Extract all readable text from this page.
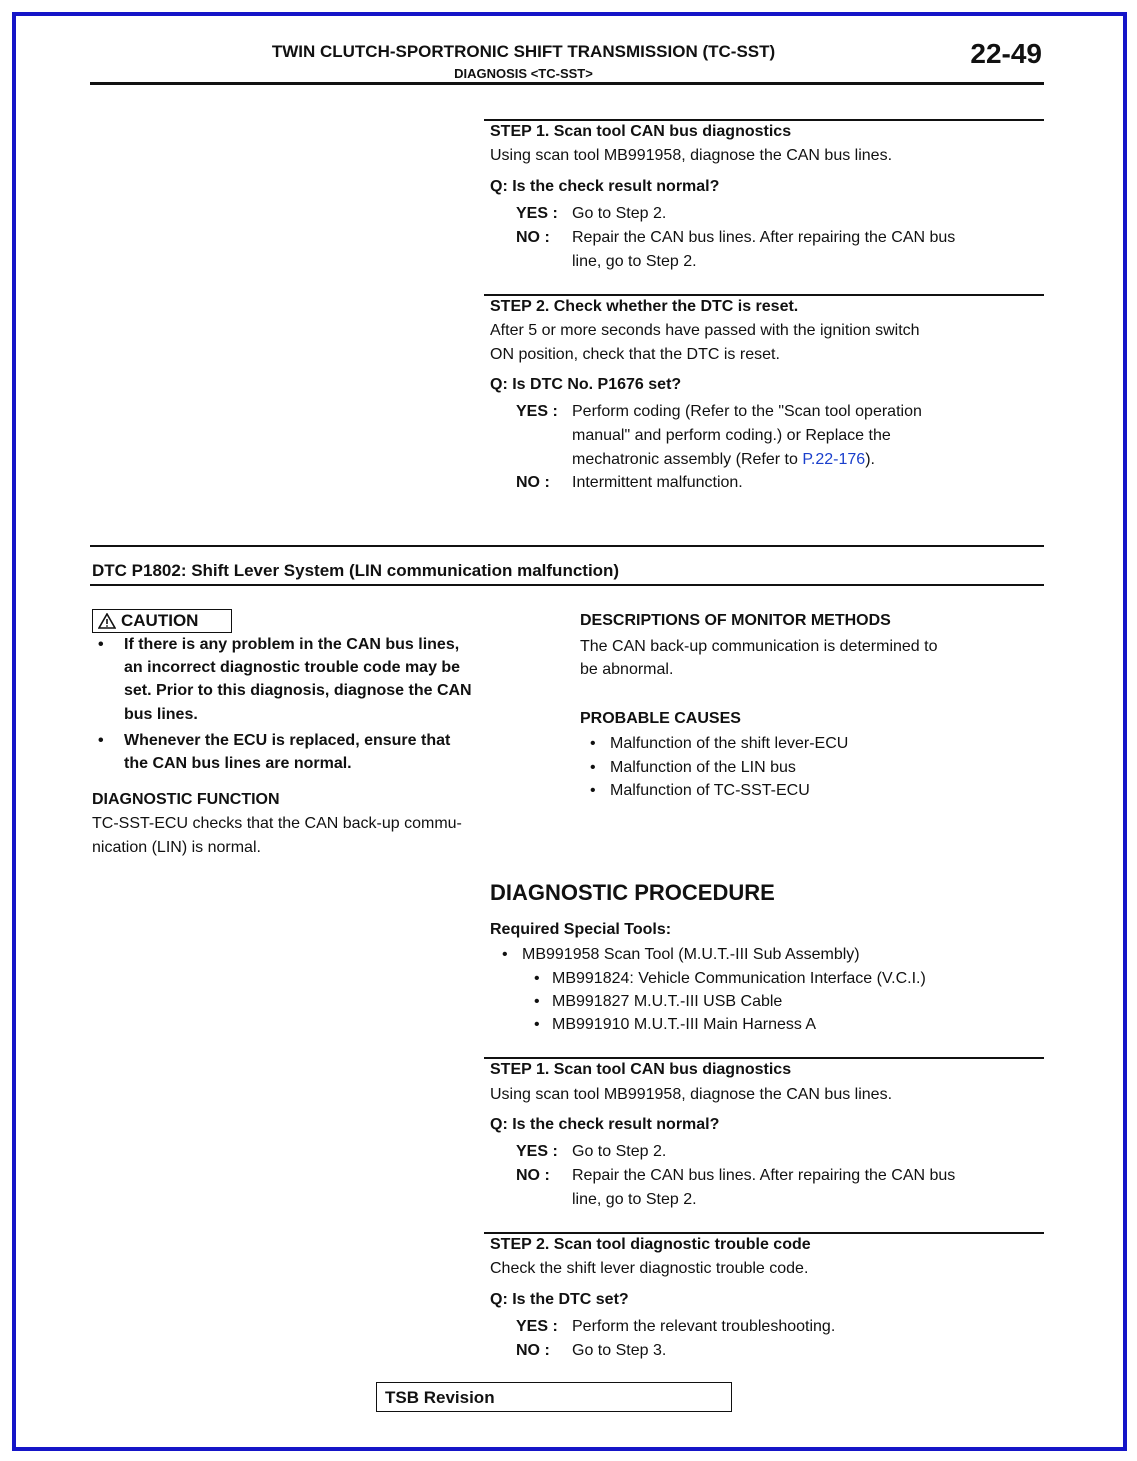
TWIN CLUTCH-SPORTRONIC SHIFT TRANSMISSION (TC-SST)
DIAGNOSIS <TC-SST>
22-49
STEP 1. Scan tool CAN bus diagnostics
Using scan tool MB991958, diagnose the CAN bus lines.
Q: Is the check result normal?
YES : Go to Step 2.
NO : Repair the CAN bus lines. After repairing the CAN bus
line, go to Step 2.
STEP 2. Check whether the DTC is reset.
After 5 or more seconds have passed with the ignition switch
ON position, check that the DTC is reset.
Q: Is DTC No. P1676 set?
YES : Perform coding (Refer to the "Scan tool operation
manual" and perform coding.) or Replace the
mechatronic assembly (Refer to P.22-176).
NO : Intermittent malfunction.
DTC P1802: Shift Lever System (LIN communication malfunction)
CAUTION
• If there is any problem in the CAN bus lines,
an incorrect diagnostic trouble code may be
set. Prior to this diagnosis, diagnose the CAN
bus lines.
• Whenever the ECU is replaced, ensure that
the CAN bus lines are normal.
DIAGNOSTIC FUNCTION
TC-SST-ECU checks that the CAN back-up commu-
nication (LIN) is normal.
DESCRIPTIONS OF MONITOR METHODS
The CAN back-up communication is determined to
be abnormal.
PROBABLE CAUSES
• Malfunction of the shift lever-ECU
• Malfunction of the LIN bus
• Malfunction of TC-SST-ECU
DIAGNOSTIC PROCEDURE
Required Special Tools:
• MB991958 Scan Tool (M.U.T.-III Sub Assembly)
• MB991824: Vehicle Communication Interface (V.C.I.)
• MB991827 M.U.T.-III USB Cable
• MB991910 M.U.T.-III Main Harness A
STEP 1. Scan tool CAN bus diagnostics
Using scan tool MB991958, diagnose the CAN bus lines.
Q: Is the check result normal?
YES : Go to Step 2.
NO : Repair the CAN bus lines. After repairing the CAN bus
line, go to Step 2.
STEP 2. Scan tool diagnostic trouble code
Check the shift lever diagnostic trouble code.
Q: Is the DTC set?
YES : Perform the relevant troubleshooting.
NO : Go to Step 3.
TSB Revision
